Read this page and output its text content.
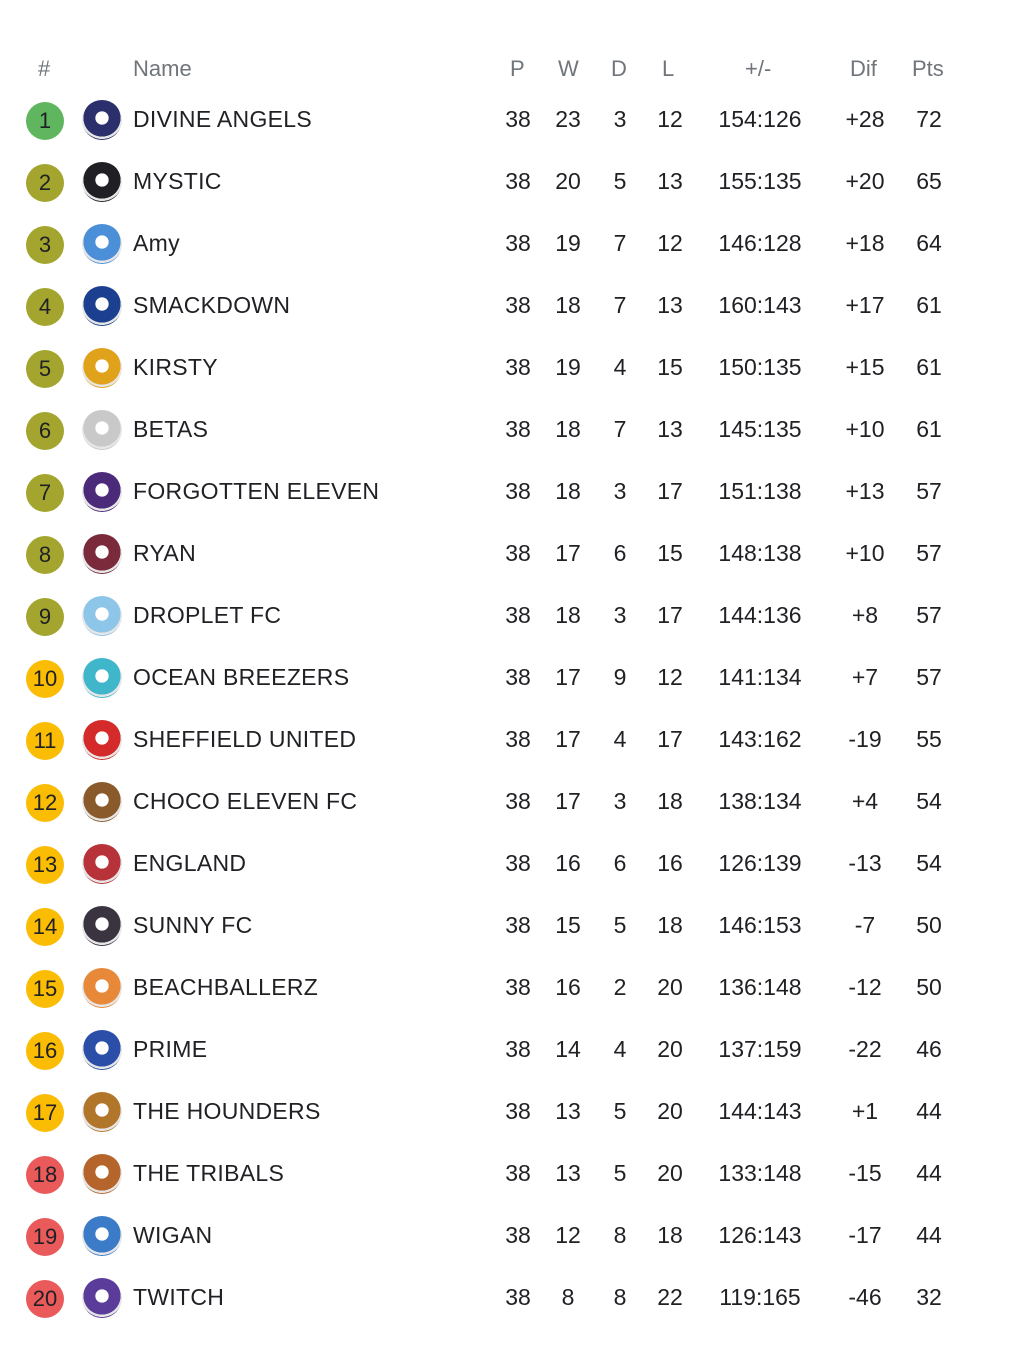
#	Name	P W D L	+/-	Dif Pts
1	DIVINE ANGELS	38	23	3	12	154:126	+28	72
2	MYSTIC	38	20	5	13	155:135	+20	65
3	Amy	38	19	7	12	146:128	+18	64
4	SMACKDOWN	38	18	7	13	160:143	+17	61
5	KIRSTY	38	19	4	15	150:135	+15	61
6	BETAS	38	18	7	13	145:135	+10	61
7	FORGOTTEN ELEVEN	38	18	3	17	151:138	+13	57
8	RYAN	38	17	6	15	148:138	+10	57
9	DROPLET FC	38	18	3	17	144:136	+8	57
10	OCEAN BREEZERS	38	17	9	12	141:134	+7	57
11	SHEFFIELD UNITED	38	17	4	17	143:162	-19	55
12	CHOCO ELEVEN FC	38	17	3	18	138:134	+4	54
13	ENGLAND	38	16	6	16	126:139	-13	54
14	SUNNY FC	38	15	5	18	146:153	-7	50
15	BEACHBALLERZ	38	16	2	20	136:148	-12	50
16	PRIME	38	14	4	20	137:159	-22	46
17	THE HOUNDERS	38	13	5	20	144:143	+1	44
18	THE TRIBALS	38	13	5	20	133:148	-15	44
19	WIGAN	38	12	8	18	126:143	-17	44
20	TWITCH	38	8	8	22	119:165	-46	32
